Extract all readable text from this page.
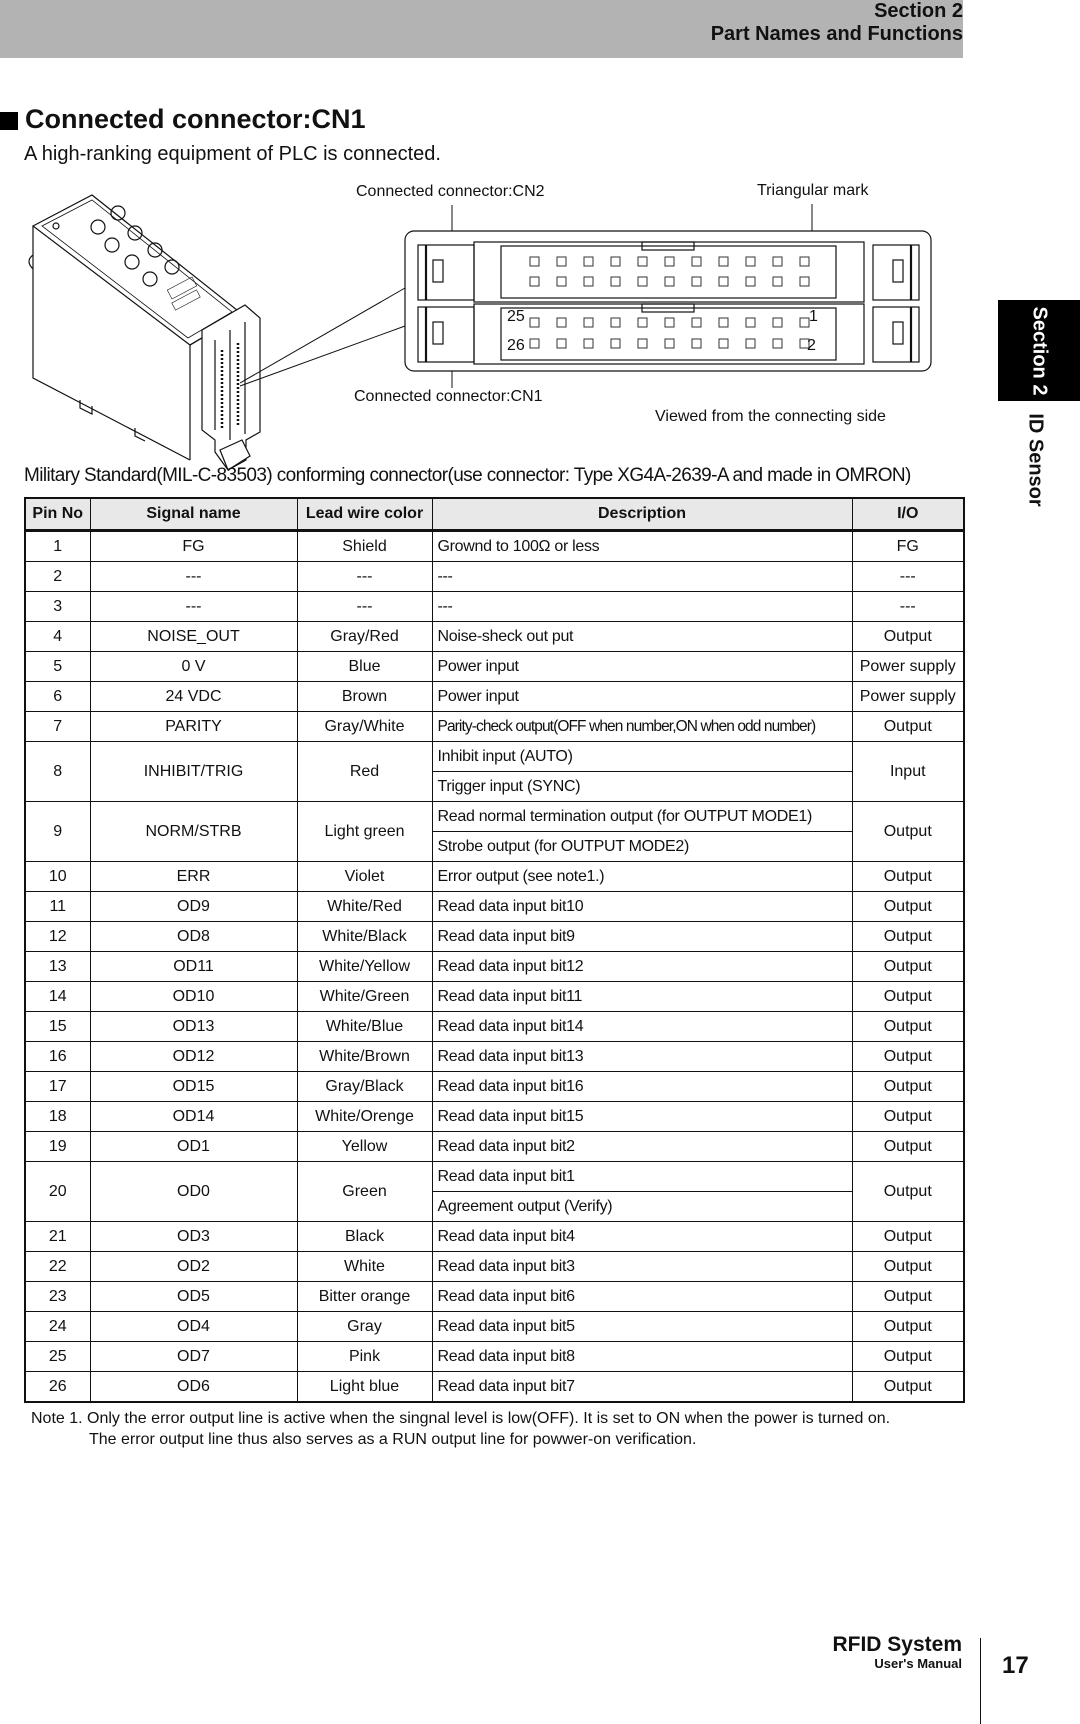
Section 2
Part Names and Functions
Section 2
ID Sensor
Connected connector:CN1
A high-ranking equipment of PLC is connected.
25
26
1
2
Connected connector:CN2	Triangular mark
Connected connector:CN1
Viewed from the connecting side
Military Standard(MIL-C-83503) conforming connector(use connector: Type XG4A-2639-A and made in OMRON)
Pin No	Signal name	Lead wire color	Description	I/O
1	FG	Shield	Grownd to 100Ω or less	FG
2	---	---	---	---
3	---	---	---	---
4	NOISE_OUT	Gray/Red	Noise-sheck out put	Output
5	0 V	Blue	Power input	Power supply
6	24 VDC	Brown	Power input	Power supply
7	PARITY	Gray/White	Parity-check output(OFF when number,ON when odd number)	Output
8	INHIBIT/TRIG	Red	Inhibit input (AUTO)	Input
			Trigger input (SYNC)	
9	NORM/STRB	Light green	Read normal termination output (for OUTPUT MODE1)	Output
			Strobe output (for OUTPUT MODE2)	
10	ERR	Violet	Error output (see note1.)	Output
11	OD9	White/Red	Read data input bit10	Output
12	OD8	White/Black	Read data input bit9	Output
13	OD11	White/Yellow	Read data input bit12	Output
14	OD10	White/Green	Read data input bit11	Output
15	OD13	White/Blue	Read data input bit14	Output
16	OD12	White/Brown	Read data input bit13	Output
17	OD15	Gray/Black	Read data input bit16	Output
18	OD14	White/Orenge	Read data input bit15	Output
19	OD1	Yellow	Read data input bit2	Output
20	OD0	Green	Read data input bit1	Output
			Agreement output (Verify)	
21	OD3	Black	Read data input bit4	Output
22	OD2	White	Read data input bit3	Output
23	OD5	Bitter orange	Read data input bit6	Output
24	OD4	Gray	Read data input bit5	Output
25	OD7	Pink	Read data input bit8	Output
26	OD6	Light blue	Read data input bit7	Output
Note 1. Only the error output line is active when the singnal level is low(OFF). It is set to ON when the power is turned on.
The error output line thus also serves as a RUN output line for powwer-on verification.
RFID System
User's Manual 17
